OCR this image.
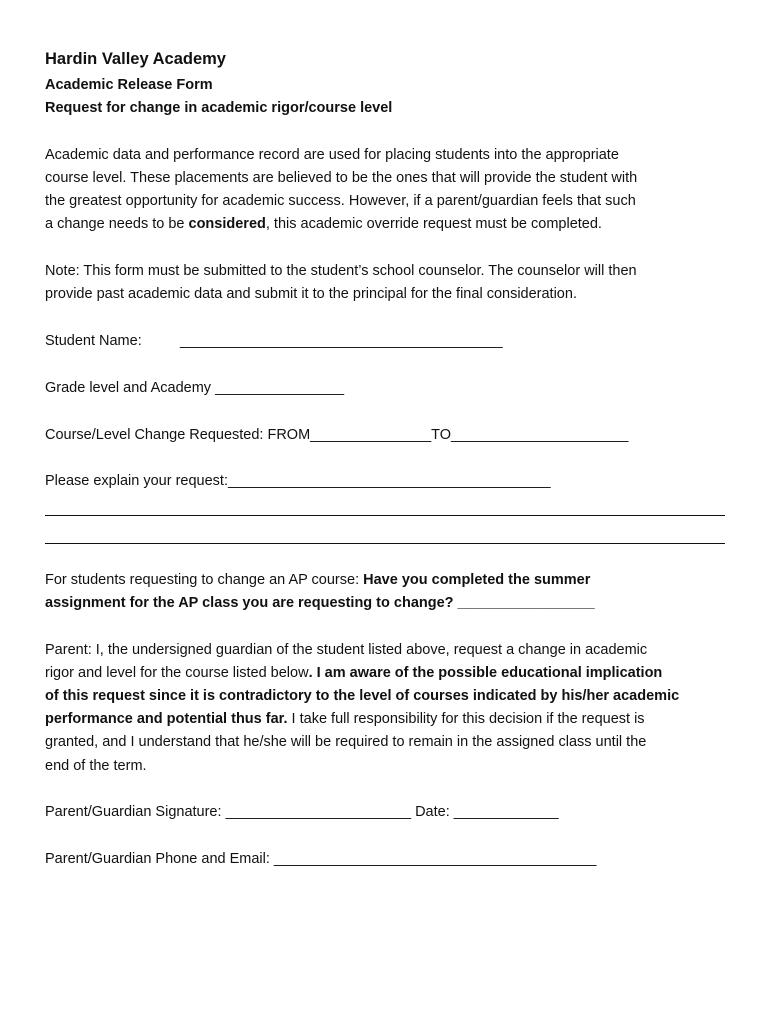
Hardin Valley Academy
Academic Release Form
Request for change in academic rigor/course level
Academic data and performance record are used for placing students into the appropriate
course level. These placements are believed to be the ones that will provide the student with
the greatest opportunity for academic success. However, if a parent/guardian feels that such
a change needs to be considered, this academic override request must be completed.
Note: This form must be submitted to the student’s school counselor. The counselor will then
provide past academic data and submit it to the principal for the final consideration.
Student Name:	________________________________________
Grade level and Academy ________________
Course/Level Change Requested: FROM_______________TO______________________
Please explain your request:________________________________________
For students requesting to change an AP course: Have you completed the summer
assignment for the AP class you are requesting to change? _________________
Parent: I, the undersigned guardian of the student listed above, request a change in academic
rigor and level for the course listed below. I am aware of the possible educational implication
of this request since it is contradictory to the level of courses indicated by his/her academic
performance and potential thus far. I take full responsibility for this decision if the request is
granted, and I understand that he/she will be required to remain in the assigned class until the
end of the term.
Parent/Guardian Signature: _______________________ Date: _____________
Parent/Guardian Phone and Email: ________________________________________
